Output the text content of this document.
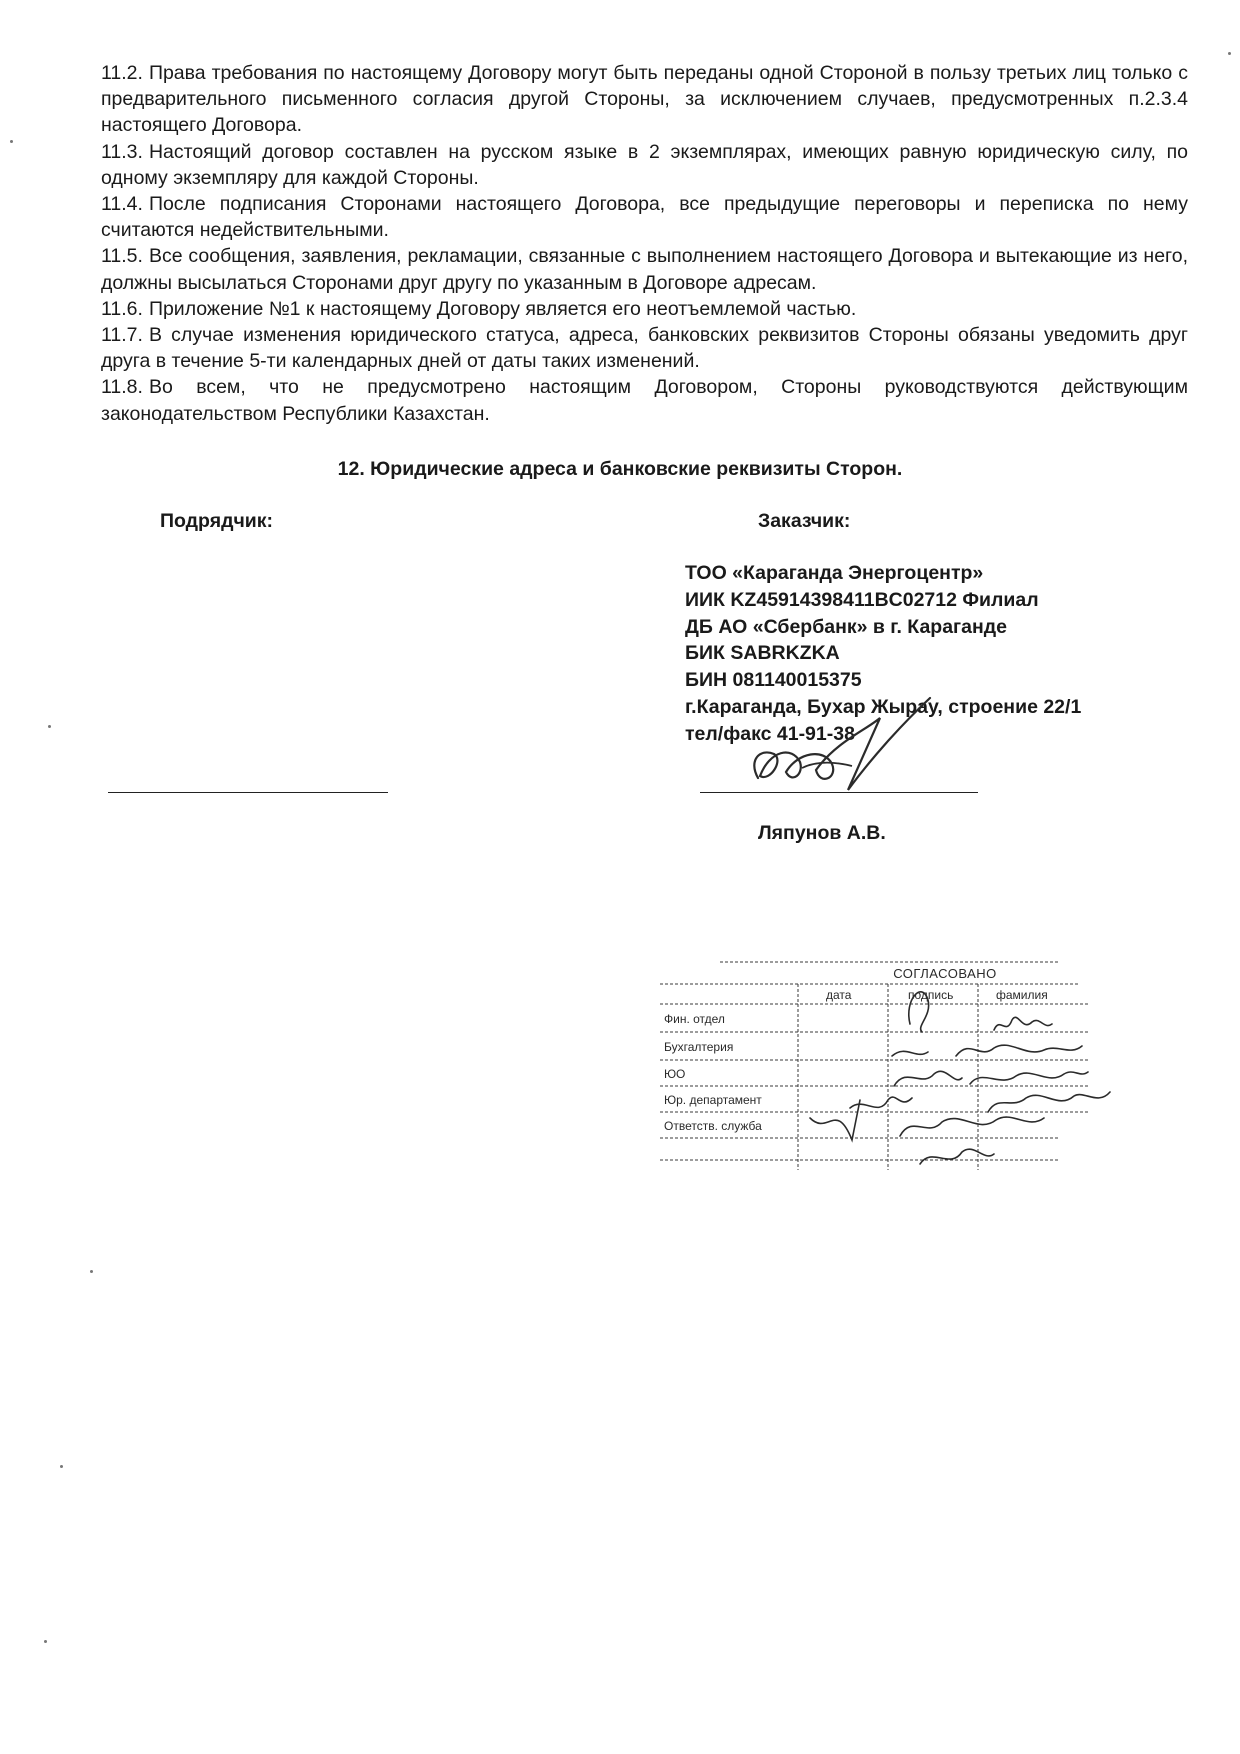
11.2. Права требования по настоящему Договору могут быть переданы одной Стороной в пользу третьих лиц только с предварительного письменного согласия другой Стороны, за исключением случаев, предусмотренных п.2.3.4 настоящего Договора.

11.3. Настоящий договор составлен на русском языке в 2 экземплярах, имеющих равную юридическую силу, по одному экземпляру для каждой Стороны.

11.4. После подписания Сторонами настоящего Договора, все предыдущие переговоры и переписка по нему считаются недействительными.

11.5. Все сообщения, заявления, рекламации, связанные с выполнением настоящего Договора и вытекающие из него, должны высылаться Сторонами друг другу по указанным в Договоре адресам.

11.6. Приложение №1 к настоящему Договору является его неотъемлемой частью.

11.7. В случае изменения юридического статуса, адреса, банковских реквизитов Стороны обязаны уведомить друг друга в течение 5-ти календарных дней от даты таких изменений.

11.8. Во всем, что не предусмотрено настоящим Договором, Стороны руководствуются действующим законодательством Республики Казахстан.

12. Юридические адреса и банковские реквизиты Сторон.
Подрядчик:	Заказчик:
ТОО «Караганда Энергоцентр»
ИИК KZ45914398411BC02712 Филиал
ДБ АО «Сбербанк» в г. Караганде
БИК SABRKZKA
БИН 081140015375
г.Караганда, Бухар Жырау, строение 22/1
тел/факс 41-91-38
Ляпунов А.В.
СОГЛАСОВАНО
дата	подпись	фамилия
Фин. отдел
Бухгалтерия
ЮО
Юр. департамент
Ответств. служба
